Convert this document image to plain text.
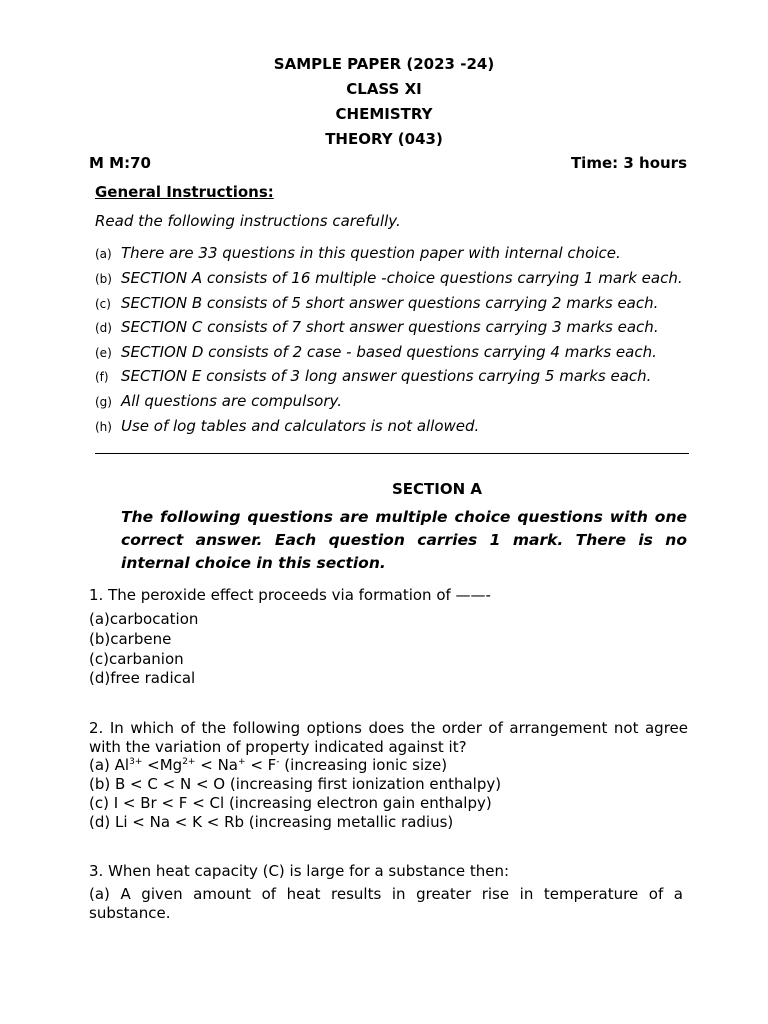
SAMPLE PAPER (2023 -24)
CLASS XI
CHEMISTRY
THEORY (043)
M M:70	Time: 3 hours
General Instructions:
Read the following instructions carefully.
(a) There are 33 questions in this question paper with internal choice.
(b) SECTION A consists of 16 multiple -choice questions carrying 1 mark each.
(c) SECTION B consists of 5 short answer questions carrying 2 marks each.
(d) SECTION C consists of 7 short answer questions carrying 3 marks each.
(e) SECTION D consists of 2 case - based questions carrying 4 marks each.
(f) SECTION E consists of 3 long answer questions carrying 5 marks each.
(g) All questions are compulsory.
(h) Use of log tables and calculators is not allowed.
SECTION A
The following questions are multiple choice questions with one correct answer. Each question carries 1 mark. There is no internal choice in this section.
1. The peroxide effect proceeds via formation of ——-
(a)carbocation
(b)carbene
(c)carbanion
(d)free radical
2. In which of the following options does the order of arrangement not agree with the variation of property indicated against it?
(a) $Al^{3+} <Mg^{2+} < Na^+ < F^-$ (increasing ionic size)
(b) B < C < N < O (increasing first ionization enthalpy)
(c) I < Br < F < Cl (increasing electron gain enthalpy)
(d) Li < Na < K < Rb (increasing metallic radius)
3. When heat capacity (C) is large for a substance then:
(a) A given amount of heat results in greater rise in temperature of a substance.
